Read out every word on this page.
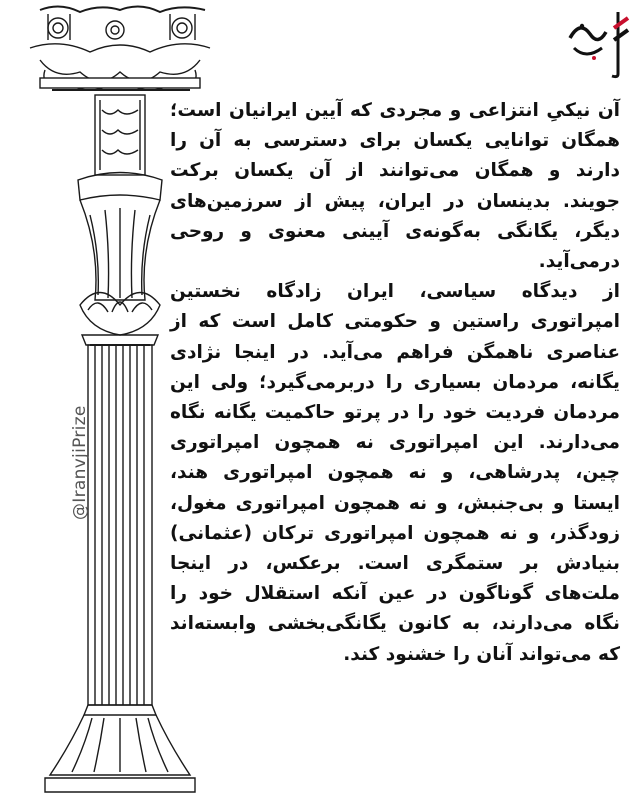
@IranvjiPrize

آن نیکیِ انتزاعی و مجردی که آیین ایرانیان است؛ همگان توانایی یکسان برای دسترسی به آن را دارند و همگان می‌توانند از آن یکسان برکت جویند. بدینسان در ایران، پیش از سرزمین‌های دیگر، یگانگی به‌گونه‌ی آیینی معنوی و روحی درمی‌آید.

از دیدگاه سیاسی، ایران زادگاه نخستین امپراتوری راستین و حکومتی کامل است که از عناصری ناهمگن فراهم می‌آید. در اینجا نژادی یگانه، مردمان بسیاری را دربرمی‌گیرد؛ ولی این مردمان فردیت خود را در پرتو حاکمیت یگانه نگاه می‌دارند. این امپراتوری نه همچون امپراتوری چین، پدرشاهی، و نه همچون امپراتوری هند، ایستا و بی‌جنبش، و نه همچون امپراتوری مغول، زودگذر، و نه همچون امپراتوری ترکان (عثمانی) بنیادش بر ستمگری است. برعکس، در اینجا ملت‌های گوناگون در عین آنکه استقلال خود را نگاه می‌دارند، به کانون یگانگی‌بخشی وابسته‌اند که می‌تواند آنان را خشنود کند.
